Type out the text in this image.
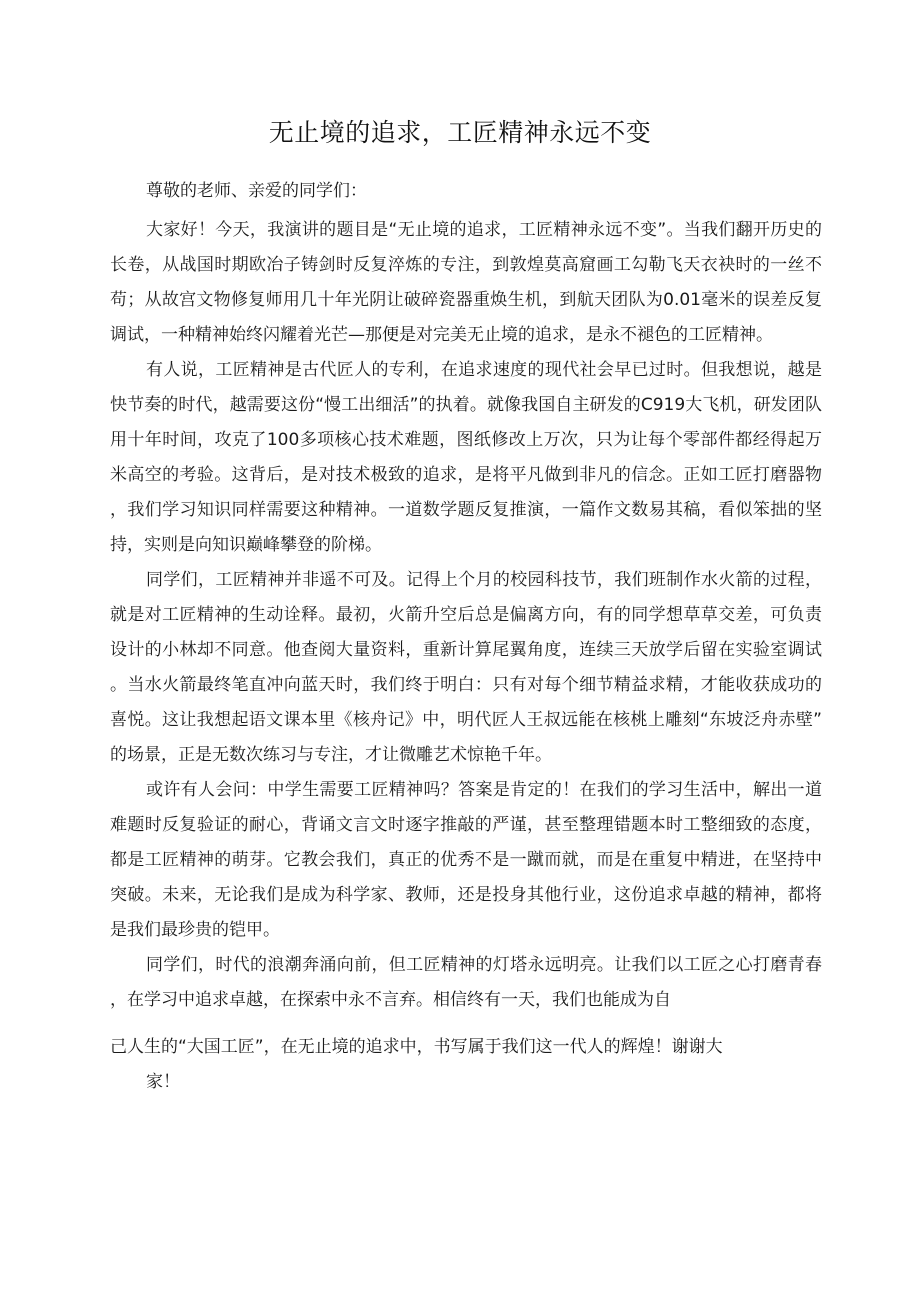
无止境的追求，工匠精神永远不变

尊敬的老师、亲爱的同学们：

大家好！今天，我演讲的题目是“无止境的追求，工匠精神永远不变”。当我们翻开历史的长卷，从战国时期欧冶子铸剑时反复淬炼的专注，到敦煌莫高窟画工勾勒飞天衣袂时的一丝不苟；从故宫文物修复师用几十年光阴让破碎瓷器重焕生机，到航天团队为0.01毫米的误差反复调试，一种精神始终闪耀着光芒—那便是对完美无止境的追求，是永不褪色的工匠精神。

有人说，工匠精神是古代匠人的专利，在追求速度的现代社会早已过时。但我想说，越是快节奏的时代，越需要这份“慢工出细活”的执着。就像我国自主研发的C919大飞机，研发团队用十年时间，攻克了100多项核心技术难题，图纸修改上万次，只为让每个零部件都经得起万米高空的考验。这背后，是对技术极致的追求，是将平凡做到非凡的信念。正如工匠打磨器物，我们学习知识同样需要这种精神。一道数学题反复推演，一篇作文数易其稿，看似笨拙的坚持，实则是向知识巅峰攀登的阶梯。

同学们，工匠精神并非遥不可及。记得上个月的校园科技节，我们班制作水火箭的过程，就是对工匠精神的生动诠释。最初，火箭升空后总是偏离方向，有的同学想草草交差，可负责设计的小林却不同意。他查阅大量资料，重新计算尾翼角度，连续三天放学后留在实验室调试。当水火箭最终笔直冲向蓝天时，我们终于明白：只有对每个细节精益求精，才能收获成功的喜悦。这让我想起语文课本里《核舟记》中，明代匠人王叔远能在核桃上雕刻“东坡泛舟赤壁”的场景，正是无数次练习与专注，才让微雕艺术惊艳千年。

或许有人会问：中学生需要工匠精神吗？答案是肯定的！在我们的学习生活中，解出一道难题时反复验证的耐心，背诵文言文时逐字推敲的严谨，甚至整理错题本时工整细致的态度，都是工匠精神的萌芽。它教会我们，真正的优秀不是一蹴而就，而是在重复中精进，在坚持中突破。未来，无论我们是成为科学家、教师，还是投身其他行业，这份追求卓越的精神，都将是我们最珍贵的铠甲。

同学们，时代的浪潮奔涌向前，但工匠精神的灯塔永远明亮。让我们以工匠之心打磨青春，在学习中追求卓越，在探索中永不言弃。相信终有一天，我们也能成为自

己人生的“大国工匠”，在无止境的追求中，书写属于我们这一代人的辉煌！谢谢大

家！
